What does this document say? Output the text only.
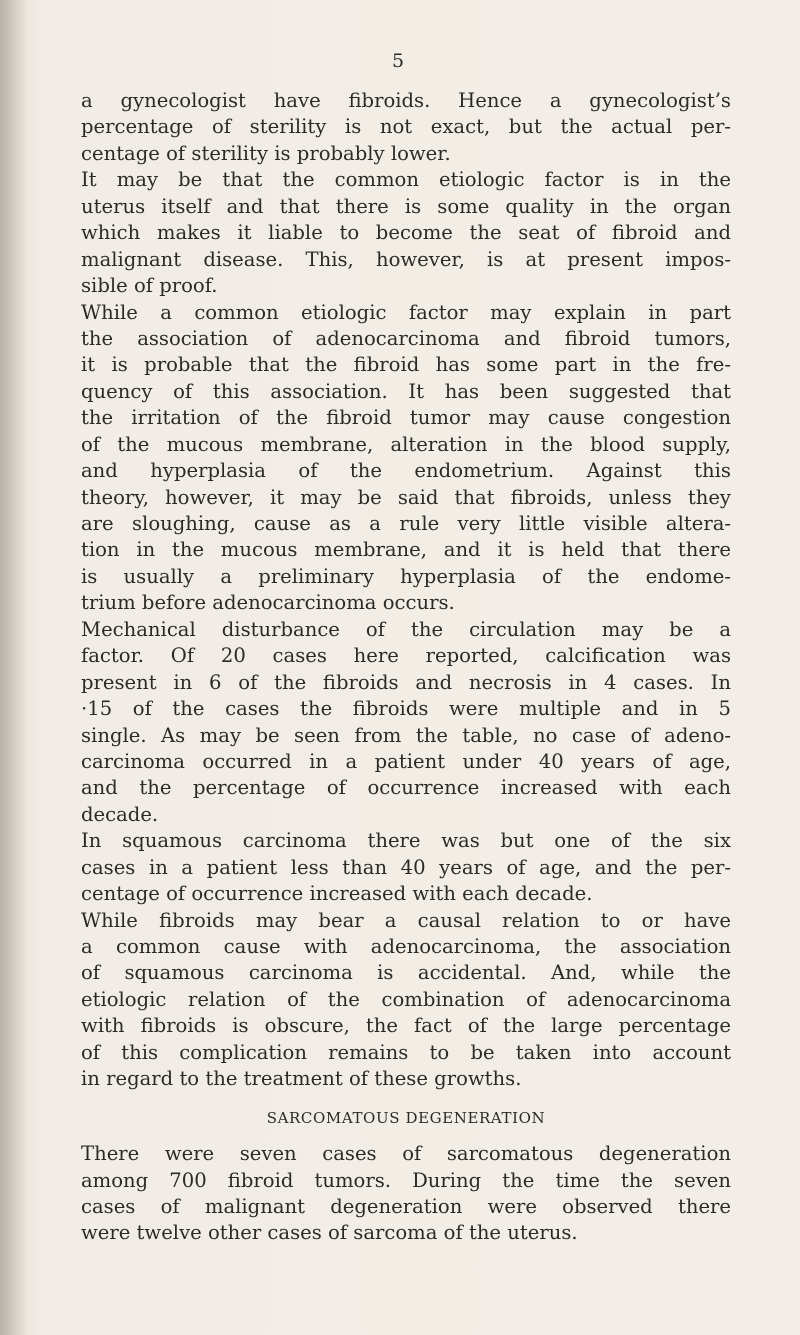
5
a gynecologist have fibroids. Hence a gynecologist’s
percentage of sterility is not exact, but the actual per-
centage of sterility is probably lower.
It may be that the common etiologic factor is in the
uterus itself and that there is some quality in the organ
which makes it liable to become the seat of fibroid and
malignant disease. This, however, is at present impos-
sible of proof.
While a common etiologic factor may explain in part
the association of adenocarcinoma and fibroid tumors,
it is probable that the fibroid has some part in the fre-
quency of this association. It has been suggested that
the irritation of the fibroid tumor may cause congestion
of the mucous membrane, alteration in the blood supply,
and hyperplasia of the endometrium. Against this
theory, however, it may be said that fibroids, unless they
are sloughing, cause as a rule very little visible altera-
tion in the mucous membrane, and it is held that there
is usually a preliminary hyperplasia of the endome-
trium before adenocarcinoma occurs.
Mechanical disturbance of the circulation may be a
factor. Of 20 cases here reported, calcification was
present in 6 of the fibroids and necrosis in 4 cases. In
·15 of the cases the fibroids were multiple and in 5
single. As may be seen from the table, no case of adeno-
carcinoma occurred in a patient under 40 years of age,
and the percentage of occurrence increased with each
decade.
In squamous carcinoma there was but one of the six
cases in a patient less than 40 years of age, and the per-
centage of occurrence increased with each decade.
While fibroids may bear a causal relation to or have
a common cause with adenocarcinoma, the association
of squamous carcinoma is accidental. And, while the
etiologic relation of the combination of adenocarcinoma
with fibroids is obscure, the fact of the large percentage
of this complication remains to be taken into account
in regard to the treatment of these growths.
SARCOMATOUS DEGENERATION
There were seven cases of sarcomatous degeneration
among 700 fibroid tumors. During the time the seven
cases of malignant degeneration were observed there
were twelve other cases of sarcoma of the uterus.
